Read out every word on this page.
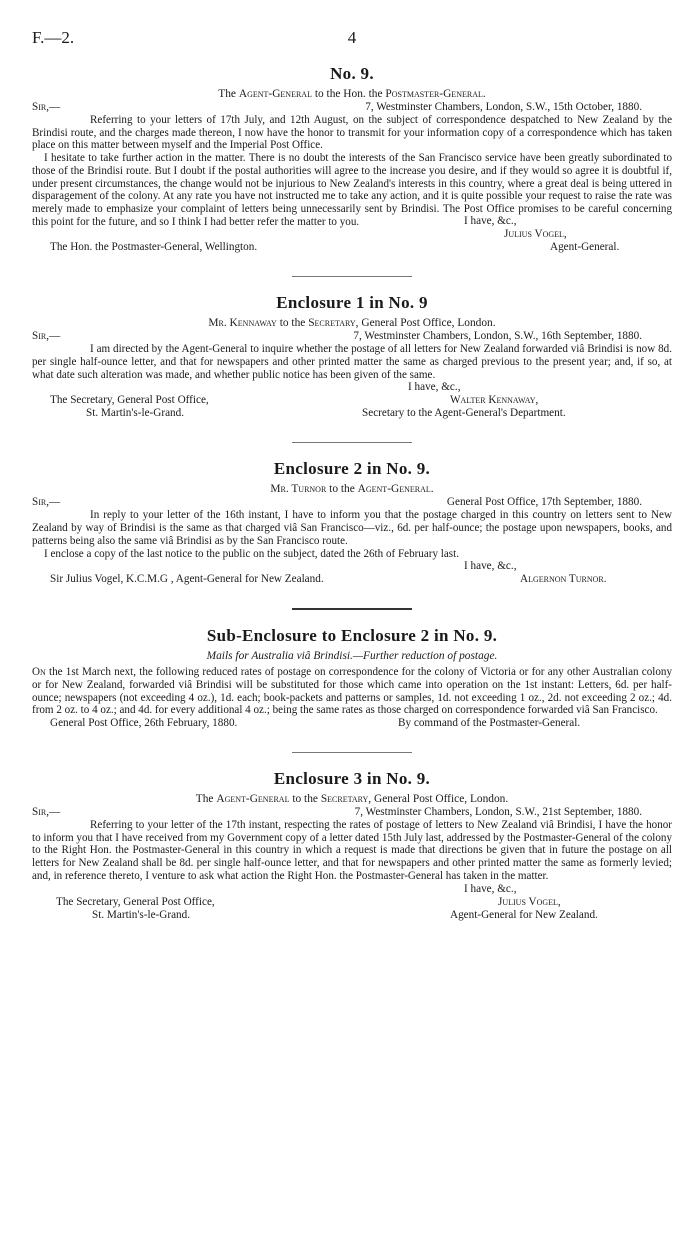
F.—2.	4
No. 9.

The Agent-General to the Hon. the Postmaster-General.

Sir,—	7, Westminster Chambers, London, S.W., 15th October, 1880.

Referring to your letters of 17th July, and 12th August, on the subject of correspondence despatched to New Zealand by the Brindisi route, and the charges made thereon, I now have the honor to transmit for your information copy of a correspondence which has taken place on this matter between myself and the Imperial Post Office.

I hesitate to take further action in the matter. There is no doubt the interests of the San Francisco service have been greatly subordinated to those of the Brindisi route. But I doubt if the postal authorities will agree to the increase you desire, and if they would so agree it is doubtful if, under present circumstances, the change would not be injurious to New Zealand's interests in this country, where a great deal is being uttered in disparagement of the colony. At any rate you have not instructed me to take any action, and it is quite possible your request to raise the rate was merely made to emphasize your complaint of letters being unnecessarily sent by Brindisi. The Post Office promises to be careful concerning this point for the future, and so I think I had better refer the matter to you.	I have, &c.,
Julius Vogel,
The Hon. the Postmaster-General, Wellington.	Agent-General.
Enclosure 1 in No. 9

Mr. Kennaway to the Secretary, General Post Office, London.

Sir,—	7, Westminster Chambers, London, S.W., 16th September, 1880.

I am directed by the Agent-General to inquire whether the postage of all letters for New Zealand forwarded viâ Brindisi is now 8d. per single half-ounce letter, and that for newspapers and other printed matter the same as charged previous to the present year; and, if so, at what date such alteration was made, and whether public notice has been given of the same.

I have, &c.,
The Secretary, General Post Office,	Walter Kennaway,
St. Martin's-le-Grand.	Secretary to the Agent-General's Department.
Enclosure 2 in No. 9.

Mr. Turnor to the Agent-General.

Sir,—	General Post Office, 17th September, 1880.

In reply to your letter of the 16th instant, I have to inform you that the postage charged in this country on letters sent to New Zealand by way of Brindisi is the same as that charged viâ San Francisco—viz., 6d. per half-ounce; the postage upon newspapers, books, and patterns being also the same viâ Brindisi as by the San Francisco route.

I enclose a copy of the last notice to the public on the subject, dated the 26th of February last.

I have, &c.,
Sir Julius Vogel, K.C.M.G , Agent-General for New Zealand.	Algernon Turnor.
Sub-Enclosure to Enclosure 2 in No. 9.

Mails for Australia viâ Brindisi.—Further reduction of postage.

On the 1st March next, the following reduced rates of postage on correspondence for the colony of Victoria or for any other Australian colony or for New Zealand, forwarded viâ Brindisi will be substituted for those which came into operation on the 1st instant: Letters, 6d. per half-ounce; newspapers (not exceeding 4 oz.), 1d. each; book-packets and patterns or samples, 1d. not exceeding 1 oz., 2d. not exceeding 2 oz.; 4d. from 2 oz. to 4 oz.; and 4d. for every additional 4 oz.; being the same rates as those charged on correspondence forwarded viâ San Francisco.

General Post Office, 26th February, 1880.	By command of the Postmaster-General.
Enclosure 3 in No. 9.

The Agent-General to the Secretary, General Post Office, London.

Sir,—	7, Westminster Chambers, London, S.W., 21st September, 1880.

Referring to your letter of the 17th instant, respecting the rates of postage of letters to New Zealand viâ Brindisi, I have the honor to inform you that I have received from my Government copy of a letter dated 15th July last, addressed by the Postmaster-General of the colony to the Right Hon. the Postmaster-General in this country in which a request is made that directions be given that in future the postage on all letters for New Zealand shall be 8d. per single half-ounce letter, and that for newspapers and other printed matter the same as formerly levied; and, in reference thereto, I venture to ask what action the Right Hon. the Postmaster-General has taken in the matter.

I have, &c.,
The Secretary, General Post Office,	Julius Vogel,
St. Martin's-le-Grand.	Agent-General for New Zealand.
